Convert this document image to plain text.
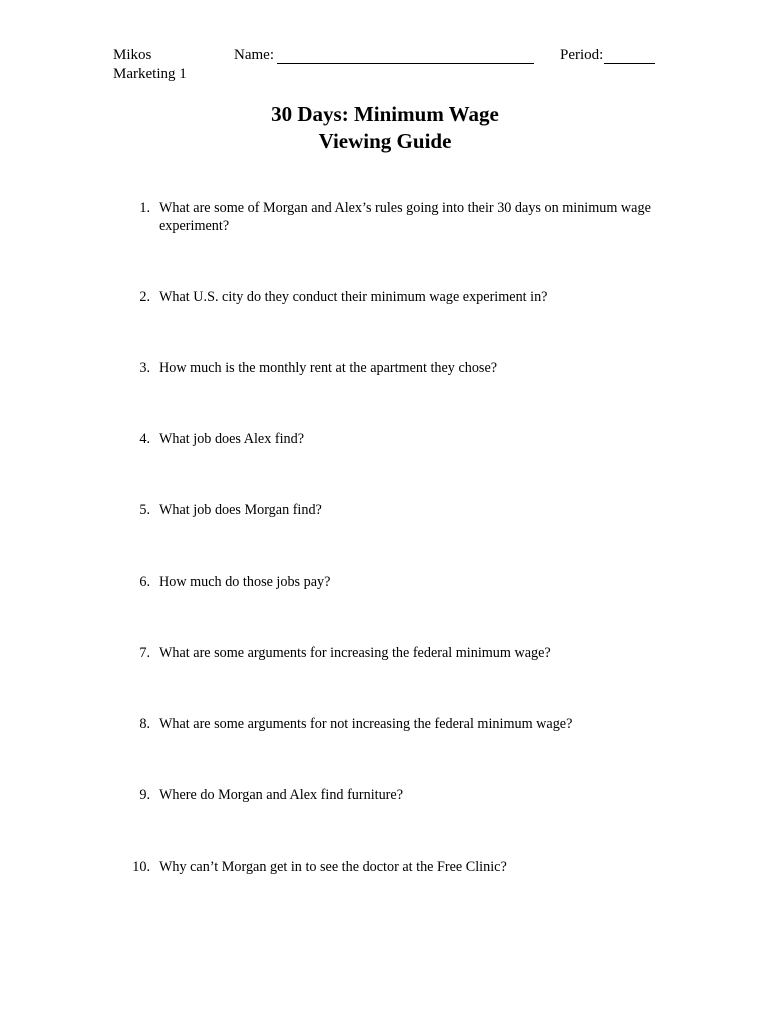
Mikos
Marketing 1
Name:	Period:
30 Days: Minimum Wage
Viewing Guide
1. What are some of Morgan and Alex’s rules going into their 30 days on minimum wage experiment?
2. What U.S. city do they conduct their minimum wage experiment in?
3. How much is the monthly rent at the apartment they chose?
4. What job does Alex find?
5. What job does Morgan find?
6. How much do those jobs pay?
7. What are some arguments for increasing the federal minimum wage?
8. What are some arguments for not increasing the federal minimum wage?
9. Where do Morgan and Alex find furniture?
10. Why can’t Morgan get in to see the doctor at the Free Clinic?
